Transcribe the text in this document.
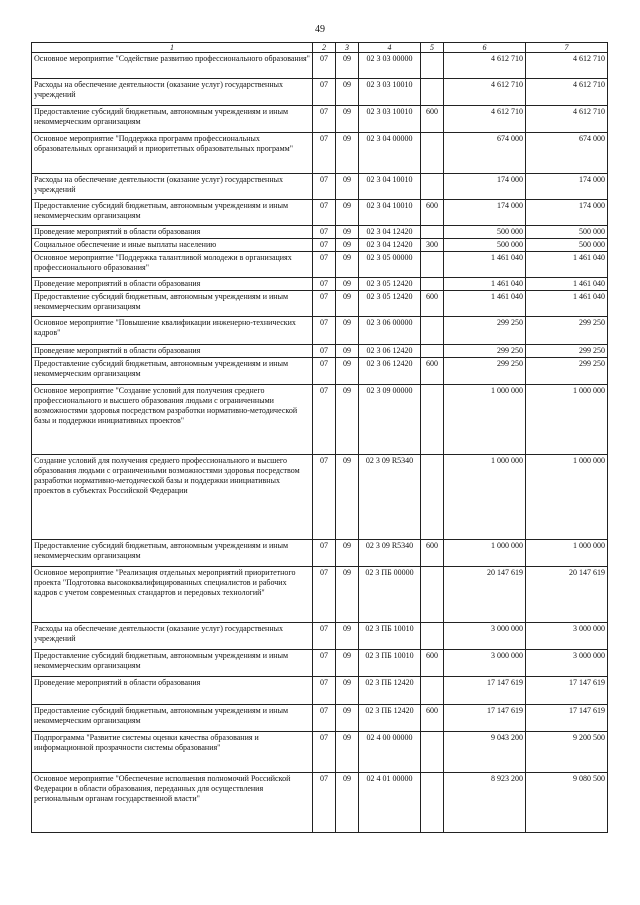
49
1	2	3	4	5	6	7
Основное мероприятие "Содействие развитию профессионального образования"	07	09	02 3 03 00000		4 612 710	4 612 710
Расходы на обеспечение деятельности (оказание услуг) государственных учреждений	07	09	02 3 03 10010		4 612 710	4 612 710
Предоставление субсидий бюджетным, автономным учреждениям и иным некоммерческим организациям	07	09	02 3 03 10010	600	4 612 710	4 612 710
Основное мероприятие "Поддержка программ профессиональных образовательных организаций и приоритетных образовательных программ"	07	09	02 3 04 00000		674 000	674 000
Расходы на обеспечение деятельности (оказание услуг) государственных учреждений	07	09	02 3 04 10010		174 000	174 000
Предоставление субсидий бюджетным, автономным учреждениям и иным некоммерческим организациям	07	09	02 3 04 10010	600	174 000	174 000
Проведение мероприятий в области образования	07	09	02 3 04 12420		500 000	500 000
Социальное обеспечение и иные выплаты населению	07	09	02 3 04 12420	300	500 000	500 000
Основное мероприятие "Поддержка талантливой молодежи в организациях профессионального образования"	07	09	02 3 05 00000		1 461 040	1 461 040
Проведение мероприятий в области образования	07	09	02 3 05 12420		1 461 040	1 461 040
Предоставление субсидий бюджетным, автономным учреждениям и иным некоммерческим организациям	07	09	02 3 05 12420	600	1 461 040	1 461 040
Основное мероприятие "Повышение квалификации инженерно-технических кадров"	07	09	02 3 06 00000		299 250	299 250
Проведение мероприятий в области образования	07	09	02 3 06 12420		299 250	299 250
Предоставление субсидий бюджетным, автономным учреждениям и иным некоммерческим организациям	07	09	02 3 06 12420	600	299 250	299 250
Основное мероприятие "Создание условий для получения среднего профессионального и высшего образования людьми с ограниченными возможностями здоровья посредством разработки нормативно-методической базы и поддержки инициативных проектов"	07	09	02 3 09 00000		1 000 000	1 000 000
Создание условий для получения среднего профессионального и высшего образования людьми с ограниченными возможностями здоровья посредством разработки нормативно-методической базы и поддержки инициативных проектов в субъектах Российской Федерации	07	09	02 3 09 R5340		1 000 000	1 000 000
Предоставление субсидий бюджетным, автономным учреждениям и иным некоммерческим организациям	07	09	02 3 09 R5340	600	1 000 000	1 000 000
Основное мероприятие "Реализация отдельных мероприятий приоритетного проекта "Подготовка высококвалифицированных специалистов и рабочих кадров с учетом современных стандартов и передовых технологий"	07	09	02 3 ПБ 00000		20 147 619	20 147 619
Расходы на обеспечение деятельности (оказание услуг) государственных учреждений	07	09	02 3 ПБ 10010		3 000 000	3 000 000
Предоставление субсидий бюджетным, автономным учреждениям и иным некоммерческим организациям	07	09	02 3 ПБ 10010	600	3 000 000	3 000 000
Проведение мероприятий в области образования	07	09	02 3 ПБ 12420		17 147 619	17 147 619
Предоставление субсидий бюджетным, автономным учреждениям и иным некоммерческим организациям	07	09	02 3 ПБ 12420	600	17 147 619	17 147 619
Подпрограмма "Развитие системы оценки качества образования и информационной прозрачности системы образования"	07	09	02 4 00 00000		9 043 200	9 200 500
Основное мероприятие "Обеспечение исполнения полномочий Российской Федерации в области образования, переданных для осуществления региональным органам государственной власти"	07	09	02 4 01 00000		8 923 200	9 080 500
